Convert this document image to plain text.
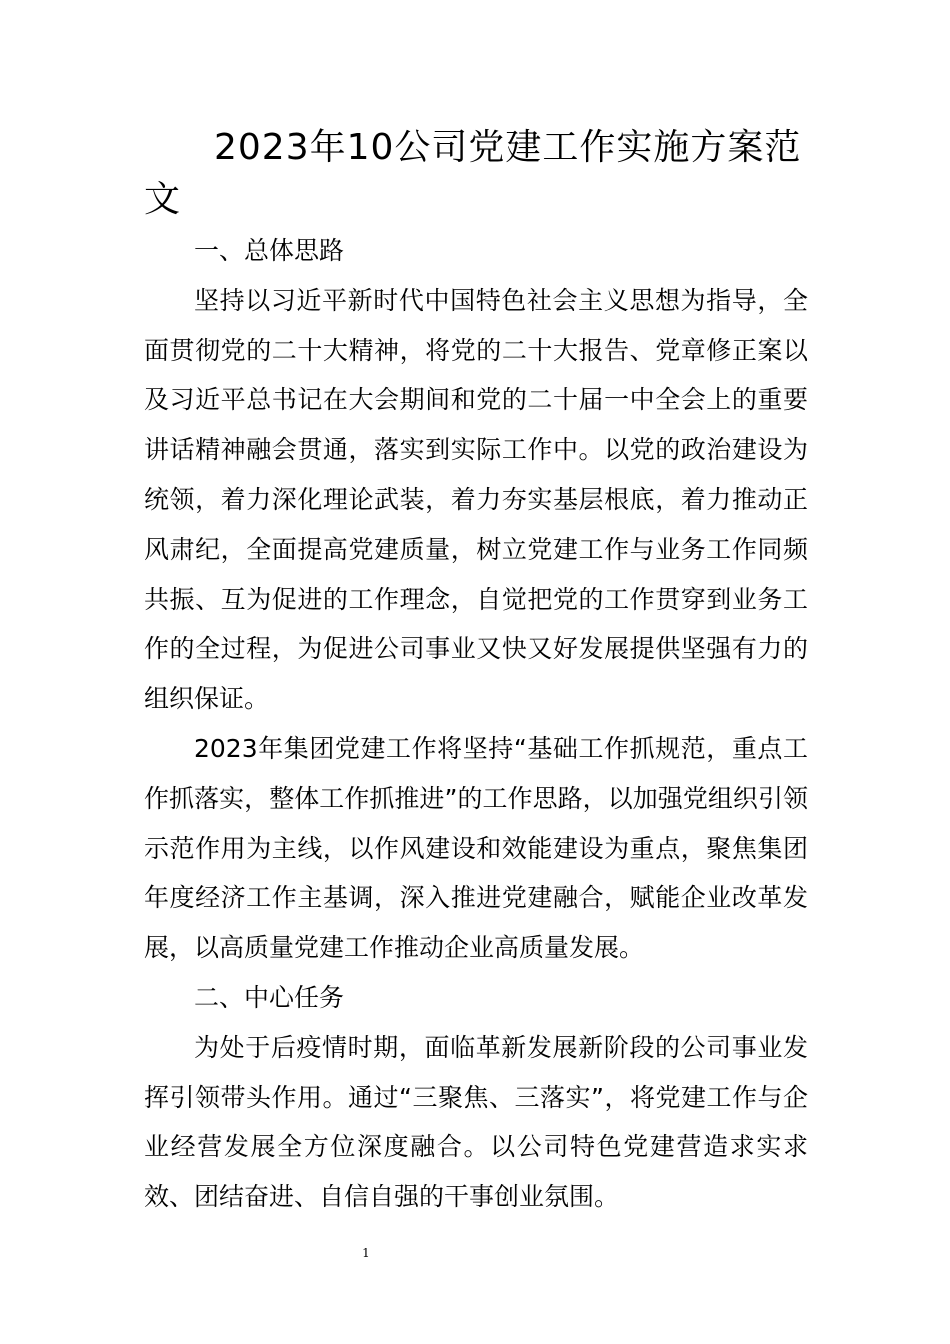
2023年10公司党建工作实施方案范文

一、总体思路

坚持以习近平新时代中国特色社会主义思想为指导，全面贯彻党的二十大精神，将党的二十大报告、党章修正案以及习近平总书记在大会期间和党的二十届一中全会上的重要讲话精神融会贯通，落实到实际工作中。以党的政治建设为统领，着力深化理论武装，着力夯实基层根底，着力推动正风肃纪，全面提高党建质量，树立党建工作与业务工作同频共振、互为促进的工作理念，自觉把党的工作贯穿到业务工作的全过程，为促进公司事业又快又好发展提供坚强有力的组织保证。

2023年集团党建工作将坚持“基础工作抓规范，重点工作抓落实，整体工作抓推进”的工作思路，以加强党组织引领示范作用为主线，以作风建设和效能建设为重点，聚焦集团年度经济工作主基调，深入推进党建融合，赋能企业改革发展，以高质量党建工作推动企业高质量发展。

二、中心任务

为处于后疫情时期，面临革新发展新阶段的公司事业发挥引领带头作用。通过“三聚焦、三落实”，将党建工作与企业经营发展全方位深度融合。以公司特色党建营造求实求效、团结奋进、自信自强的干事创业氛围。

1
